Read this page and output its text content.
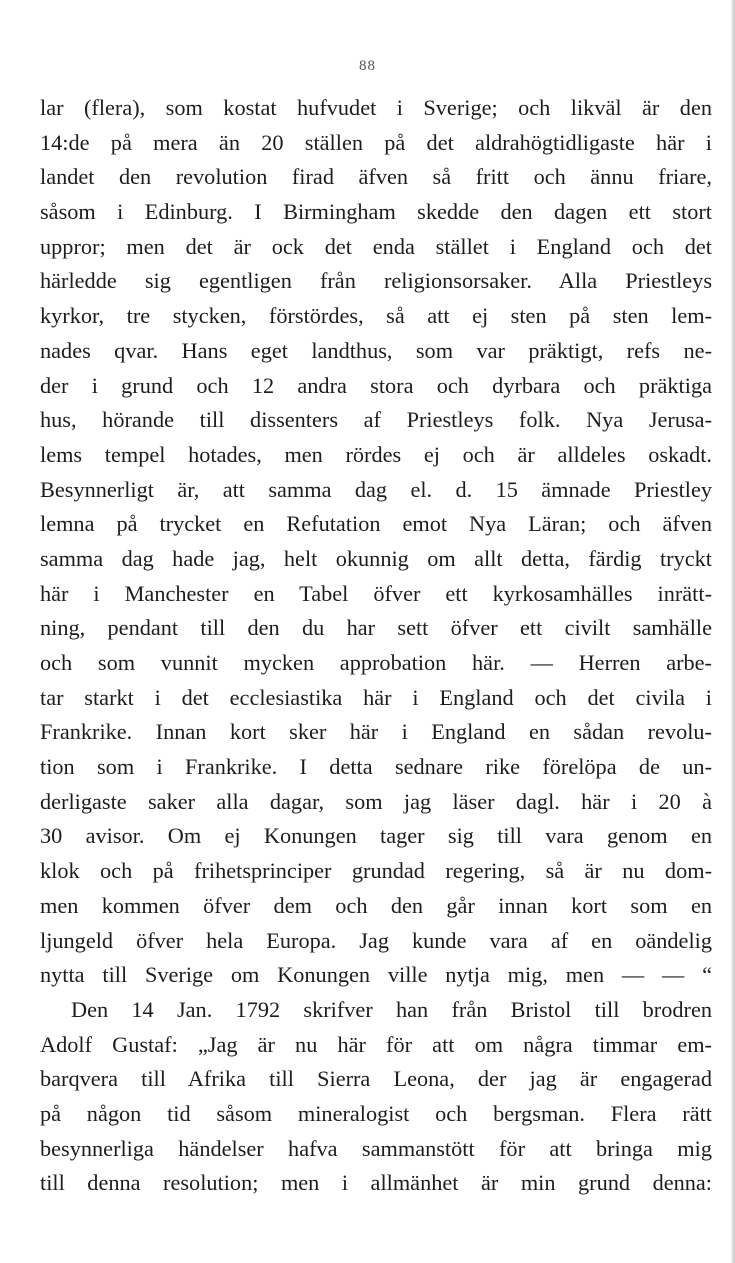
88
lar (flera), som kostat hufvudet i Sverige; och likväl är den
14:de på mera än 20 ställen på det aldrahögtidligaste här i
landet den revolution firad äfven så fritt och ännu friare,
såsom i Edinburg. I Birmingham skedde den dagen ett stort
uppror; men det är ock det enda stället i England och det
härledde sig egentligen från religionsorsaker. Alla Priestleys
kyrkor, tre stycken, förstördes, så att ej sten på sten lem-
nades qvar. Hans eget landthus, som var präktigt, refs ne-
der i grund och 12 andra stora och dyrbara och präktiga
hus, hörande till dissenters af Priestleys folk. Nya Jerusa-
lems tempel hotades, men rördes ej och är alldeles oskadt.
Besynnerligt är, att samma dag el. d. 15 ämnade Priestley
lemna på trycket en Refutation emot Nya Läran; och äfven
samma dag hade jag, helt okunnig om allt detta, färdig tryckt
här i Manchester en Tabel öfver ett kyrkosamhälles inrätt-
ning, pendant till den du har sett öfver ett civilt samhälle
och som vunnit mycken approbation här. — Herren arbe-
tar starkt i det ecclesiastika här i England och det civila i
Frankrike. Innan kort sker här i England en sådan revolu-
tion som i Frankrike. I detta sednare rike förelöpa de un-
derligaste saker alla dagar, som jag läser dagl. här i 20 à
30 avisor. Om ej Konungen tager sig till vara genom en
klok och på frihetsprinciper grundad regering, så är nu dom-
men kommen öfver dem och den går innan kort som en
ljungeld öfver hela Europa. Jag kunde vara af en oändelig
nytta till Sverige om Konungen ville nytja mig, men — — “
Den 14 Jan. 1792 skrifver han från Bristol till brodren
Adolf Gustaf: „Jag är nu här för att om några timmar em-
barqvera till Afrika till Sierra Leona, der jag är engagerad
på någon tid såsom mineralogist och bergsman. Flera rätt
besynnerliga händelser hafva sammanstött för att bringa mig
till denna resolution; men i allmänhet är min grund denna:
